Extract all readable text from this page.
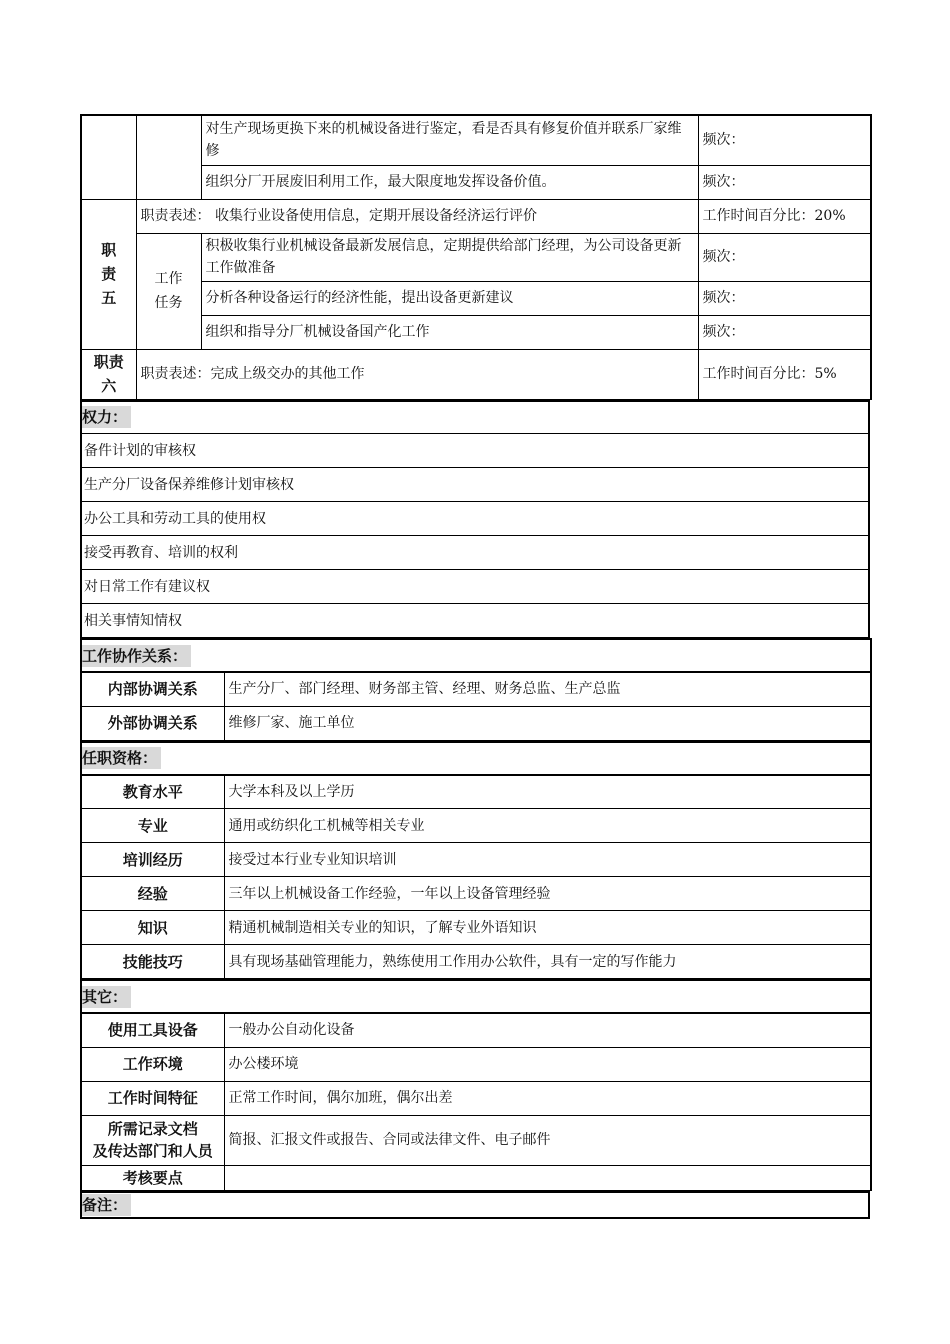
		对生产现场更换下来的机械设备进行鉴定，看是否具有修复价值并联系厂家维修	频次：
		组织分厂开展废旧利用工作，最大限度地发挥设备价值。	频次：

职
责
五	职责表述： 收集行业设备使用信息，定期开展设备经济运行评价		工作时间百分比：20%

	工作
任务	积极收集行业机械设备最新发展信息，定期提供给部门经理，为公司设备更新工作做准备	频次：
		分析各种设备运行的经济性能，提出设备更新建议	频次：
		组织和指导分厂机械设备国产化工作	频次：

职责
六	职责表述：完成上级交办的其他工作		工作时间百分比：5%
权力：
备件计划的审核权
生产分厂设备保养维修计划审核权
办公工具和劳动工具的使用权
接受再教育、培训的权利
对日常工作有建议权
相关事情知情权
工作协作关系：	
内部协调关系	生产分厂、部门经理、财务部主管、经理、财务总监、生产总监
外部协调关系	维修厂家、施工单位
任职资格：	
教育水平	大学本科及以上学历
专业	通用或纺织化工机械等相关专业
培训经历	接受过本行业专业知识培训
经验	三年以上机械设备工作经验，一年以上设备管理经验
知识	精通机械制造相关专业的知识，了解专业外语知识
技能技巧	具有现场基础管理能力，熟练使用工作用办公软件，具有一定的写作能力
其它：	
使用工具设备	一般办公自动化设备
工作环境	办公楼环境
工作时间特征	正常工作时间，偶尔加班，偶尔出差

所需记录文档
及传达部门和人员	简报、汇报文件或报告、合同或法律文件、电子邮件
考核要点	
备注：
